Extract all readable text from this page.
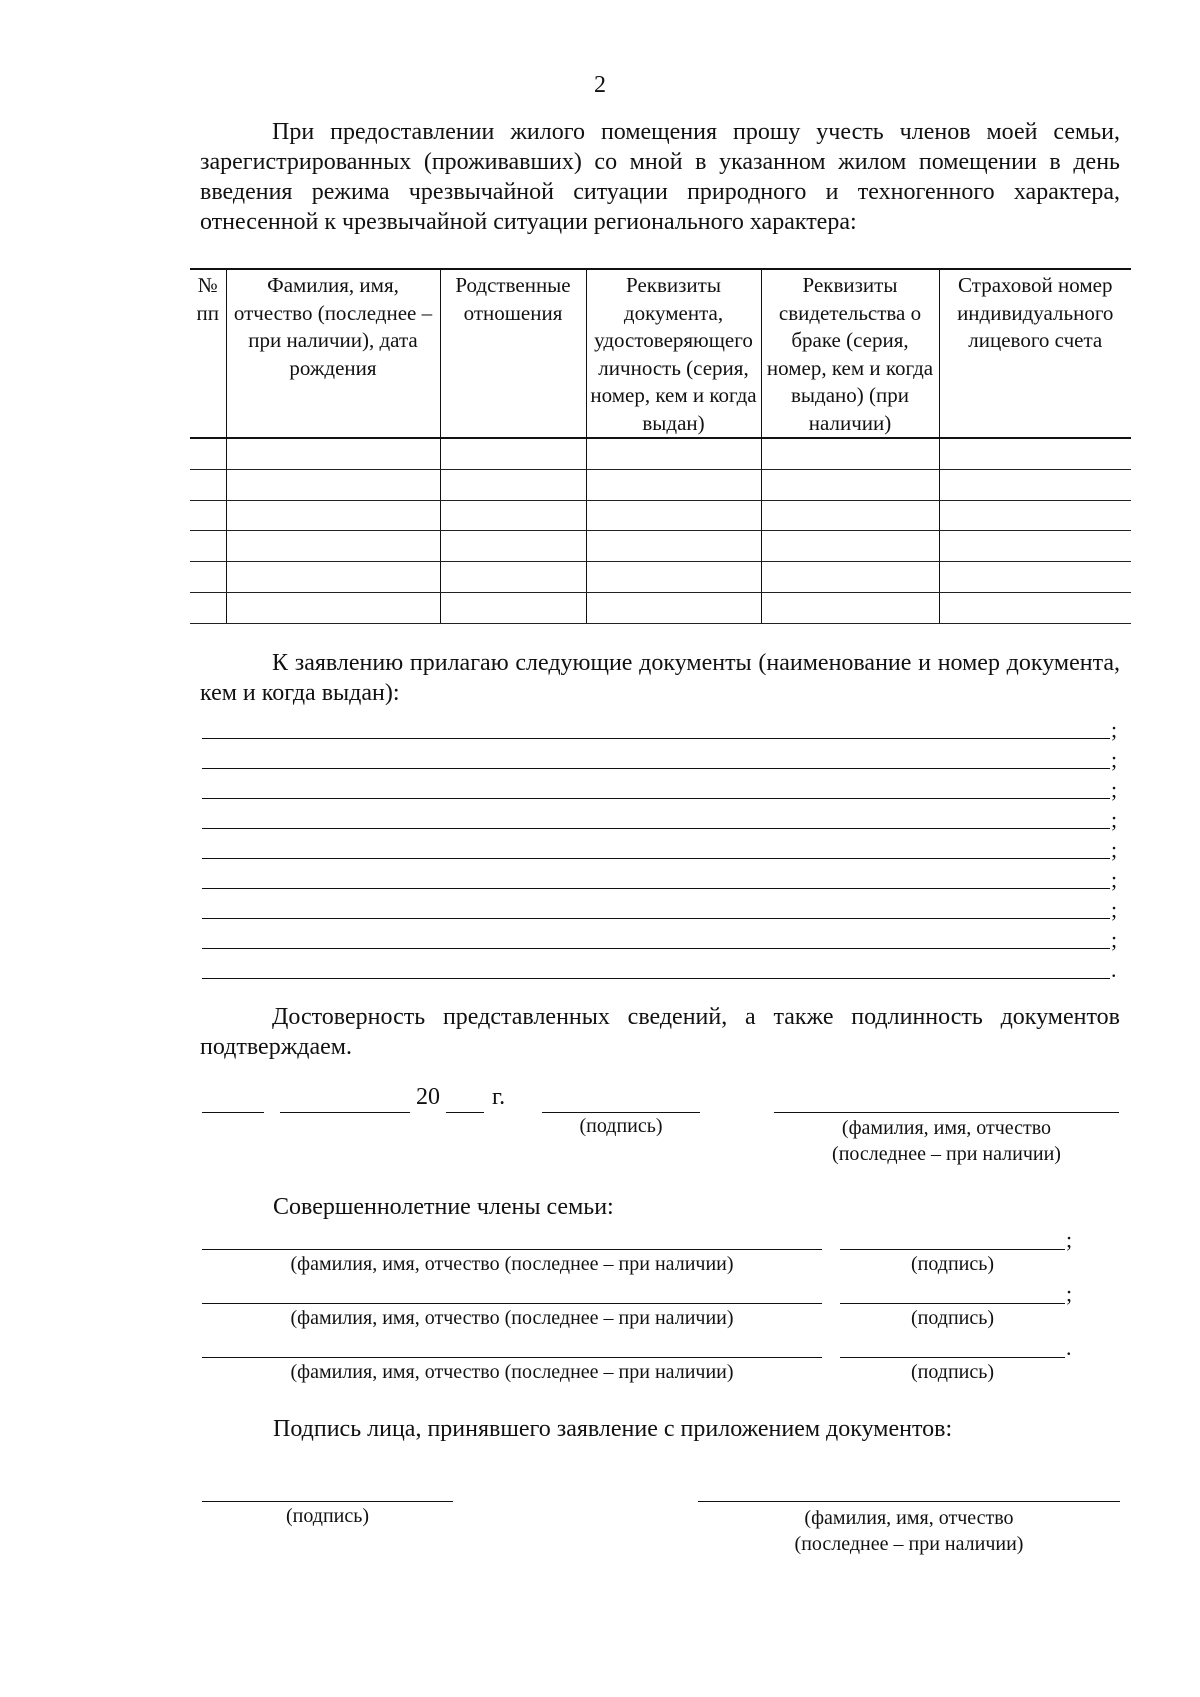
2
При предоставлении жилого помещения прошу учесть членов моей семьи, зарегистрированных (проживавших) со мной в указанном жилом помещении в день введения режима чрезвычайной ситуации природного и техногенного характера, отнесенной к чрезвычайной ситуации регионального характера:
№ пп	Фамилия, имя, отчество (последнее – при наличии), дата рождения	Родственные отношения	Реквизиты документа, удостоверяющего личность (серия, номер, кем и когда выдан)	Реквизиты свидетельства о браке (серия, номер, кем и когда выдано) (при наличии)	Страховой номер индивидуального лицевого счета

К заявлению прилагаю следующие документы (наименование и номер документа, кем и когда выдан):
;
;
;
;
;
;
;
;
.
Достоверность представленных сведений, а также подлинность документов подтверждаем.
20 г.
(подпись)	(фамилия, имя, отчество
(последнее – при наличии)
Совершеннолетние члены семьи:
(фамилия, имя, отчество (последнее – при наличии)	(подпись)
;
(фамилия, имя, отчество (последнее – при наличии)	(подпись)
;
(фамилия, имя, отчество (последнее – при наличии)	(подпись)
.
Подпись лица, принявшего заявление с приложением документов:
(подпись)	(фамилия, имя, отчество
(последнее – при наличии)
